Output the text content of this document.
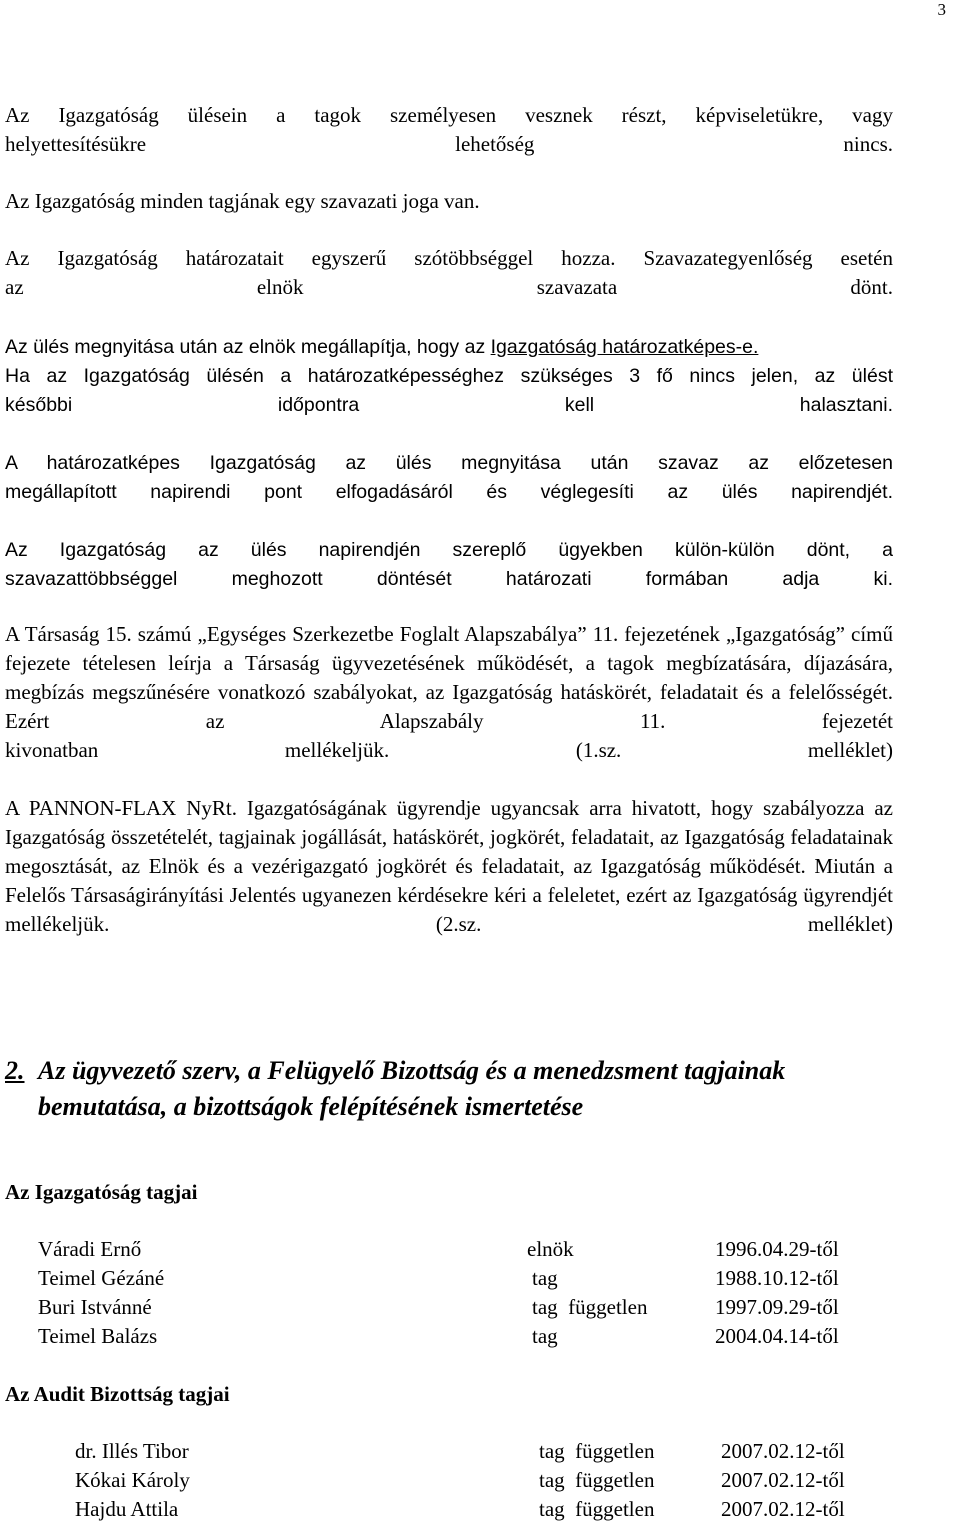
3
Az Igazgatóság ülésein a tagok személyesen vesznek részt, képviseletükre, vagy
helyettesítésükre lehetőség nincs.
Az Igazgatóság minden tagjának egy szavazati joga van.
Az Igazgatóság határozatait egyszerű szótöbbséggel hozza. Szavazategyenlőség esetén
az elnök szavazata dönt.
Az ülés megnyitása után az elnök megállapítja, hogy az Igazgatóság határozatképes-e.
Ha az Igazgatóság ülésén a határozatképességhez szükséges 3 fő nincs jelen, az ülést
későbbi időpontra kell halasztani.
A határozatképes Igazgatóság az ülés megnyitása után szavaz az előzetesen
megállapított napirendi pont elfogadásáról és véglegesíti az ülés napirendjét.
Az Igazgatóság az ülés napirendjén szereplő ügyekben külön-külön dönt, a
szavazattöbbséggel meghozott döntését határozati formában adja ki.
A Társaság 15. számú „Egységes Szerkezetbe Foglalt Alapszabálya” 11. fejezetének „Igazgatóság” című fejezete tételesen leírja a Társaság ügyvezetésének működését, a tagok megbízatására, díjazására, megbízás megszűnésére vonatkozó szabályokat, az Igazgatóság hatáskörét, feladatait és a felelősségét. Ezért az Alapszabály 11. fejezetét
kivonatban mellékeljük. (1.sz. melléklet)
A PANNON-FLAX NyRt. Igazgatóságának ügyrendje ugyancsak arra hivatott, hogy szabályozza az Igazgatóság összetételét, tagjainak jogállását, hatáskörét, jogkörét, feladatait, az Igazgatóság feladatainak megosztását, az Elnök és a vezérigazgató jogkörét és feladatait, az Igazgatóság működését. Miután a Felelős Társaságirányítási Jelentés ugyanezen kérdésekre kéri a feleletet, ezért az Igazgatóság ügyrendjét
mellékeljük. (2.sz. melléklet)
2. Az ügyvezető szerv, a Felügyelő Bizottság és a menedzsment tagjainak
bemutatása, a bizottságok felépítésének ismertetése
Az Igazgatóság tagjai
Váradi Ernő	elnök	1996.04.29-től
Teimel Gézáné	tag	1988.10.12-től
Buri Istvánné	tag  független	1997.09.29-től
Teimel Balázs	tag	2004.04.14-től
Az Audit Bizottság tagjai
dr. Illés Tibor	tag  független	2007.02.12-től
Kókai Károly	tag  független	2007.02.12-től
Hajdu Attila	tag  független	2007.02.12-től
